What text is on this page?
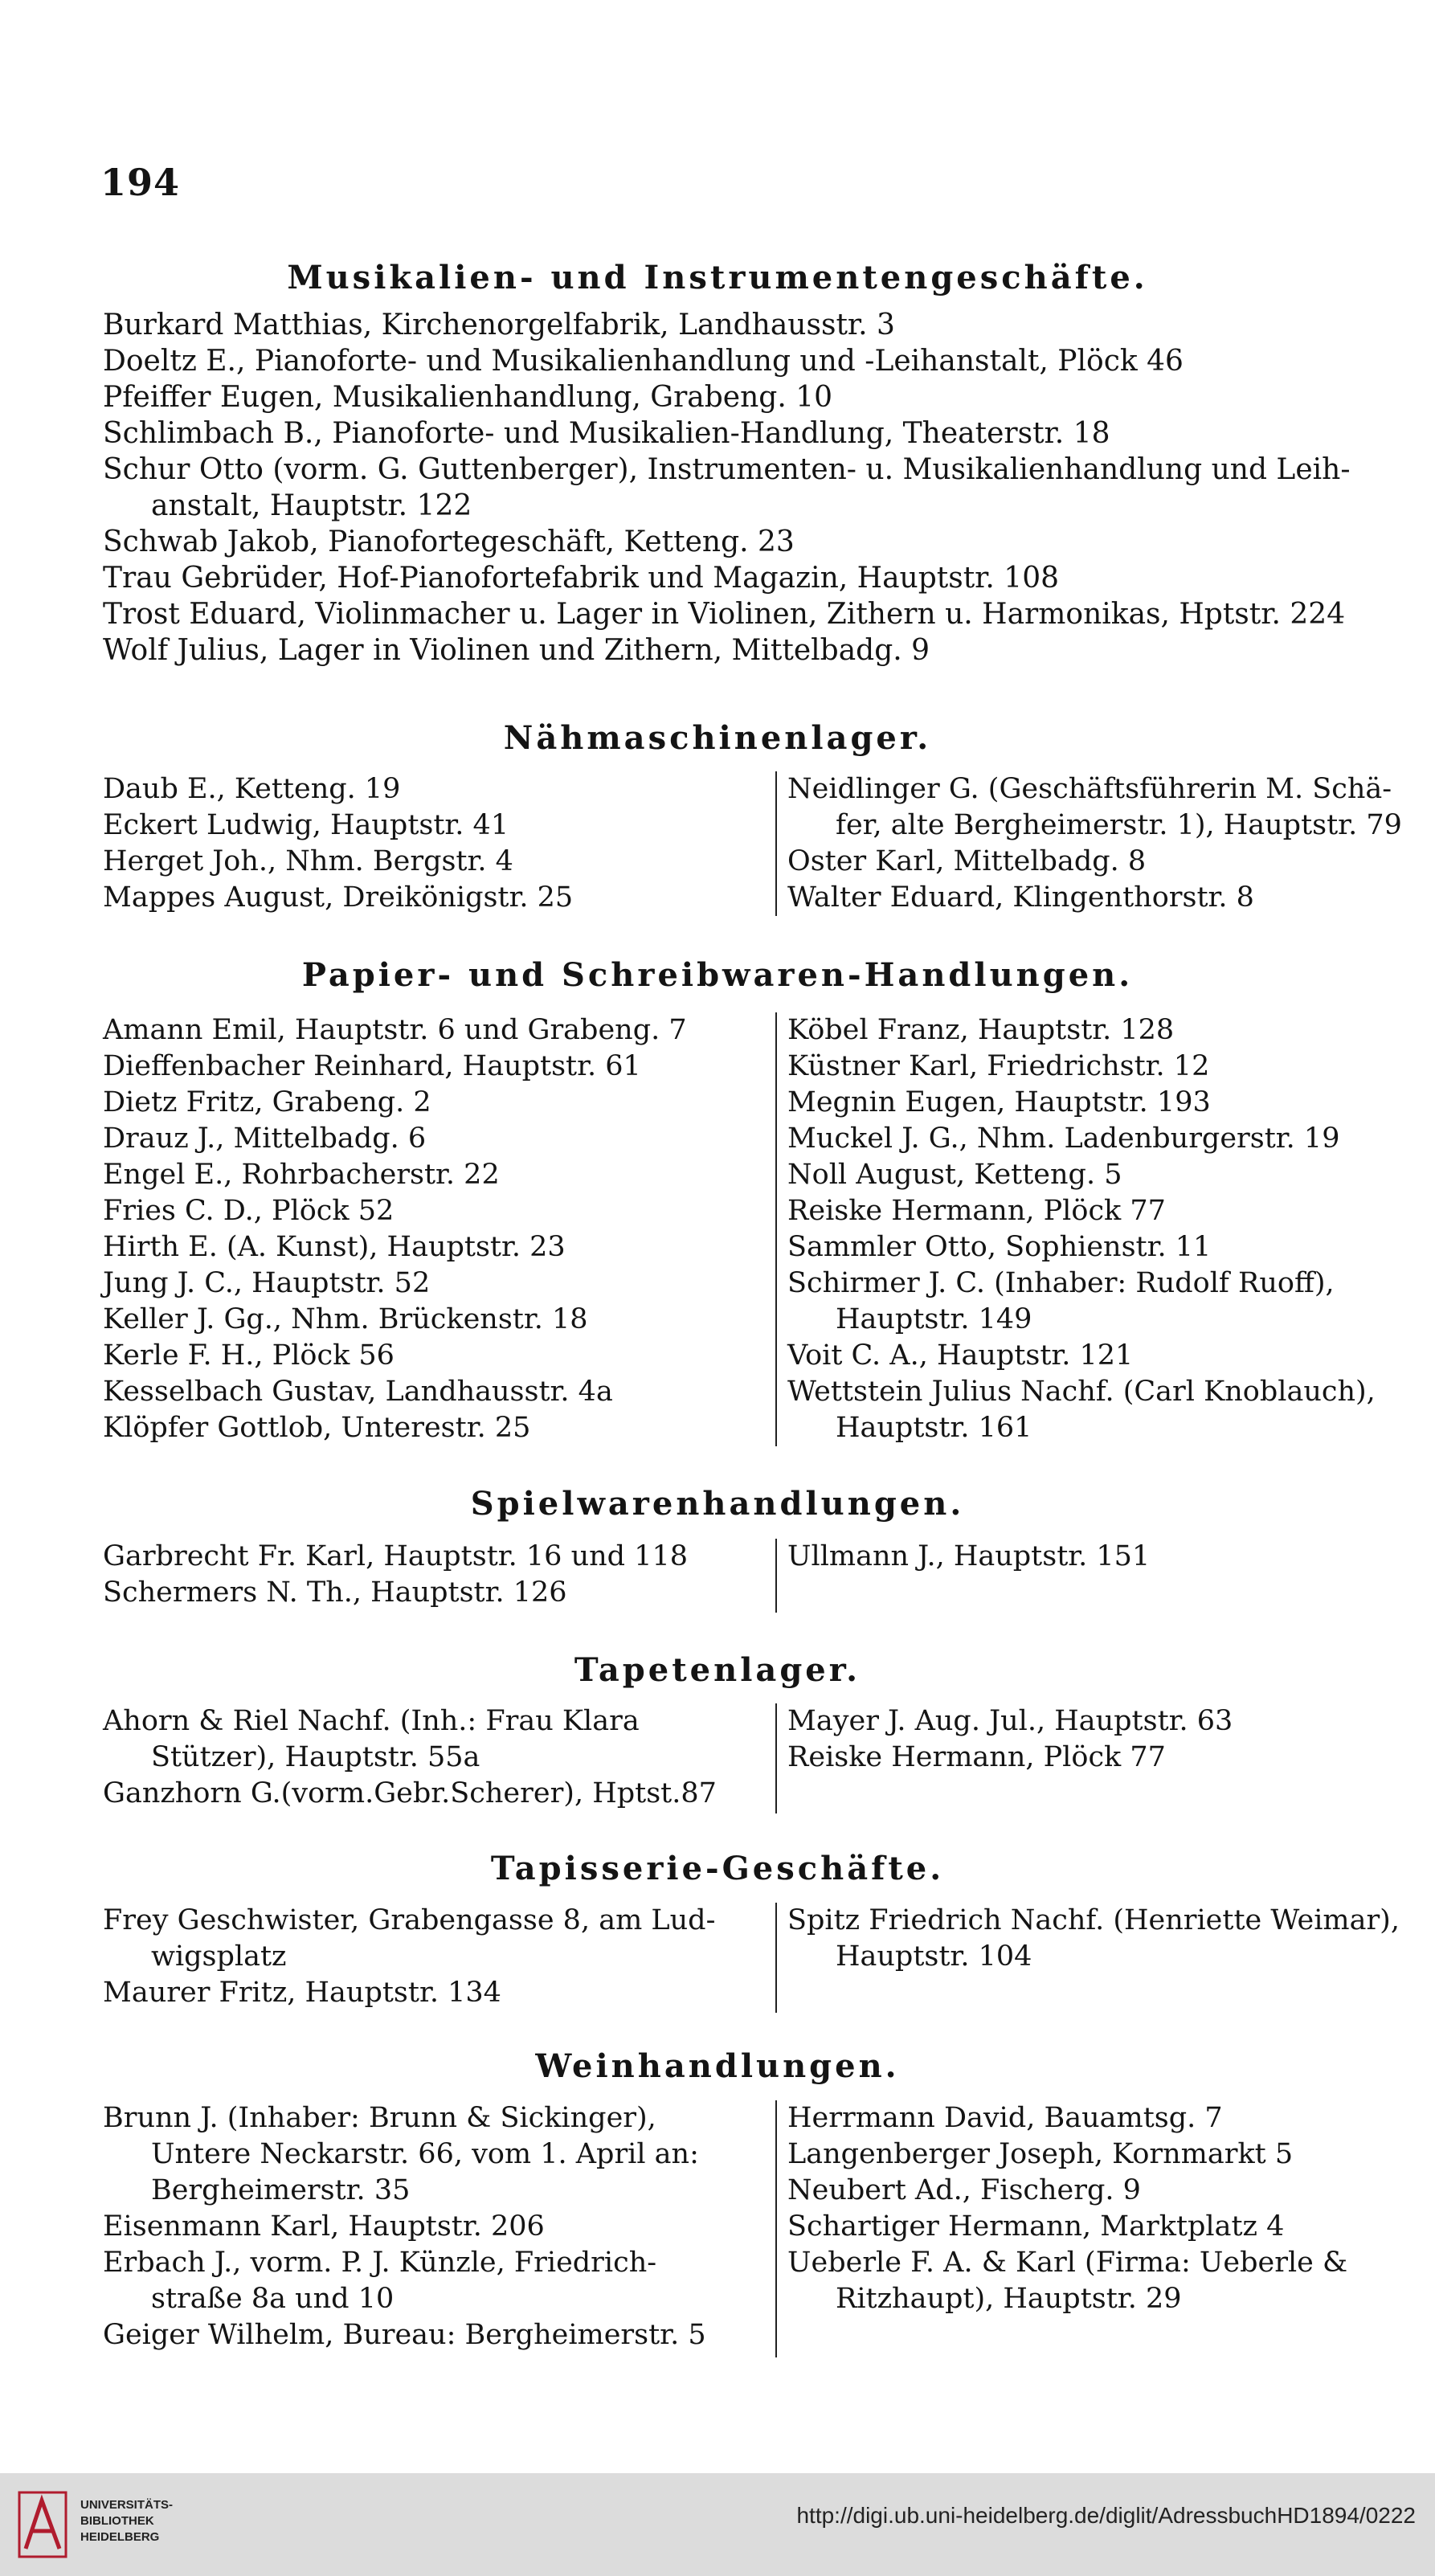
194
Musikalien- und Instrumentengeschäfte.
Burkard Matthias, Kirchenorgelfabrik, Landhausstr. 3
Doeltz E., Pianoforte- und Musikalienhandlung und -Leihanstalt, Plöck 46
Pfeiffer Eugen, Musikalienhandlung, Grabeng. 10
Schlimbach B., Pianoforte- und Musikalien-Handlung, Theaterstr. 18
Schur Otto (vorm. G. Guttenberger), Instrumenten- u. Musikalienhandlung und Leih-
anstalt, Hauptstr. 122
Schwab Jakob, Pianofortegeschäft, Ketteng. 23
Trau Gebrüder, Hof-Pianofortefabrik und Magazin, Hauptstr. 108
Trost Eduard, Violinmacher u. Lager in Violinen, Zithern u. Harmonikas, Hptstr. 224
Wolf Julius, Lager in Violinen und Zithern, Mittelbadg. 9
Nähmaschinenlager.
Daub E., Ketteng. 19
Eckert Ludwig, Hauptstr. 41
Herget Joh., Nhm. Bergstr. 4
Mappes August, Dreikönigstr. 25
Neidlinger G. (Geschäftsführerin M. Schä-
fer, alte Bergheimerstr. 1), Hauptstr. 79
Oster Karl, Mittelbadg. 8
Walter Eduard, Klingenthorstr. 8
Papier- und Schreibwaren-Handlungen.
Amann Emil, Hauptstr. 6 und Grabeng. 7
Dieffenbacher Reinhard, Hauptstr. 61
Dietz Fritz, Grabeng. 2
Drauz J., Mittelbadg. 6
Engel E., Rohrbacherstr. 22
Fries C. D., Plöck 52
Hirth E. (A. Kunst), Hauptstr. 23
Jung J. C., Hauptstr. 52
Keller J. Gg., Nhm. Brückenstr. 18
Kerle F. H., Plöck 56
Kesselbach Gustav, Landhausstr. 4a
Klöpfer Gottlob, Unterestr. 25
Köbel Franz, Hauptstr. 128
Küstner Karl, Friedrichstr. 12
Megnin Eugen, Hauptstr. 193
Muckel J. G., Nhm. Ladenburgerstr. 19
Noll August, Ketteng. 5
Reiske Hermann, Plöck 77
Sammler Otto, Sophienstr. 11
Schirmer J. C. (Inhaber: Rudolf Ruoff),
Hauptstr. 149
Voit C. A., Hauptstr. 121
Wettstein Julius Nachf. (Carl Knoblauch),
Hauptstr. 161
Spielwarenhandlungen.
Garbrecht Fr. Karl, Hauptstr. 16 und 118
Schermers N. Th., Hauptstr. 126
Ullmann J., Hauptstr. 151
Tapetenlager.
Ahorn & Riel Nachf. (Inh.: Frau Klara
Stützer), Hauptstr. 55a
Ganzhorn G.(vorm.Gebr.Scherer), Hptst.87
Mayer J. Aug. Jul., Hauptstr. 63
Reiske Hermann, Plöck 77
Tapisserie-Geschäfte.
Frey Geschwister, Grabengasse 8, am Lud-
wigsplatz
Maurer Fritz, Hauptstr. 134
Spitz Friedrich Nachf. (Henriette Weimar),
Hauptstr. 104
Weinhandlungen.
Brunn J. (Inhaber: Brunn & Sickinger),
Untere Neckarstr. 66, vom 1. April an:
Bergheimerstr. 35
Eisenmann Karl, Hauptstr. 206
Erbach J., vorm. P. J. Künzle, Friedrich-
straße 8a und 10
Geiger Wilhelm, Bureau: Bergheimerstr. 5
Herrmann David, Bauamtsg. 7
Langenberger Joseph, Kornmarkt 5
Neubert Ad., Fischerg. 9
Schartiger Hermann, Marktplatz 4
Ueberle F. A. & Karl (Firma: Ueberle &
Ritzhaupt), Hauptstr. 29
UNIVERSITÄTS-
BIBLIOTHEK
HEIDELBERG
http://digi.ub.uni-heidelberg.de/diglit/AdressbuchHD1894/0222
